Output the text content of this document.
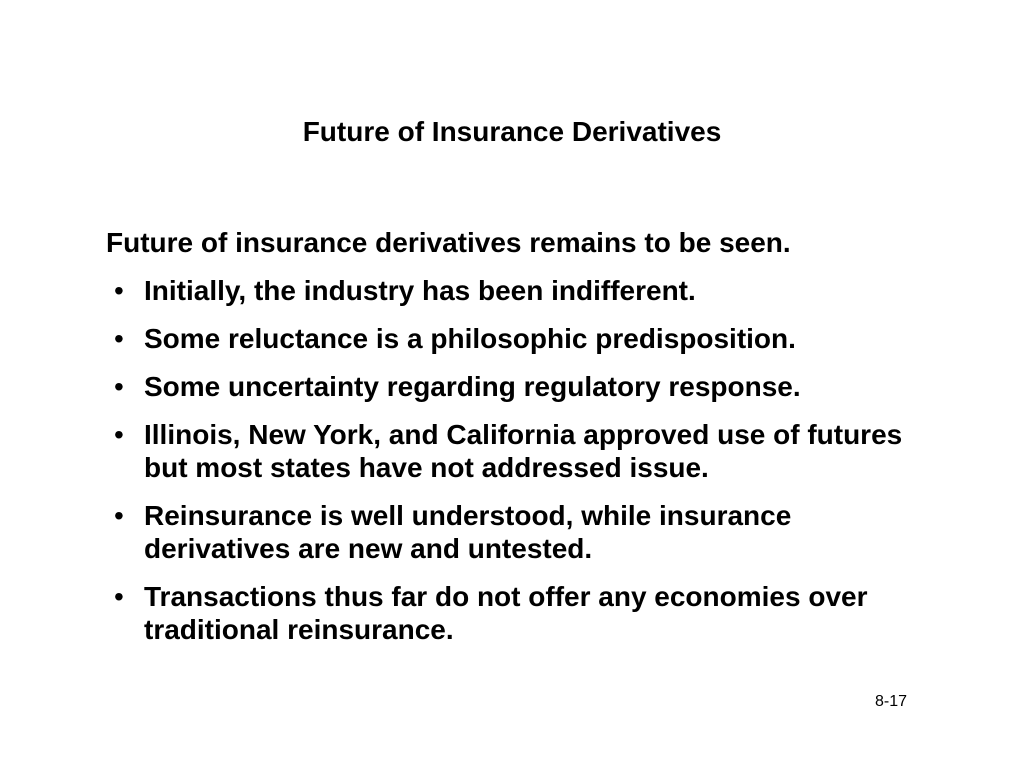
Future of Insurance Derivatives
Future of insurance derivatives remains to be seen.
• Initially, the industry has been indifferent.
• Some reluctance is a philosophic predisposition.
• Some uncertainty regarding regulatory response.
• Illinois, New York, and California approved use of futures but most states have not addressed issue.
• Reinsurance is well understood, while insurance derivatives are new and untested.
• Transactions thus far do not offer any economies over traditional reinsurance.
8-17
